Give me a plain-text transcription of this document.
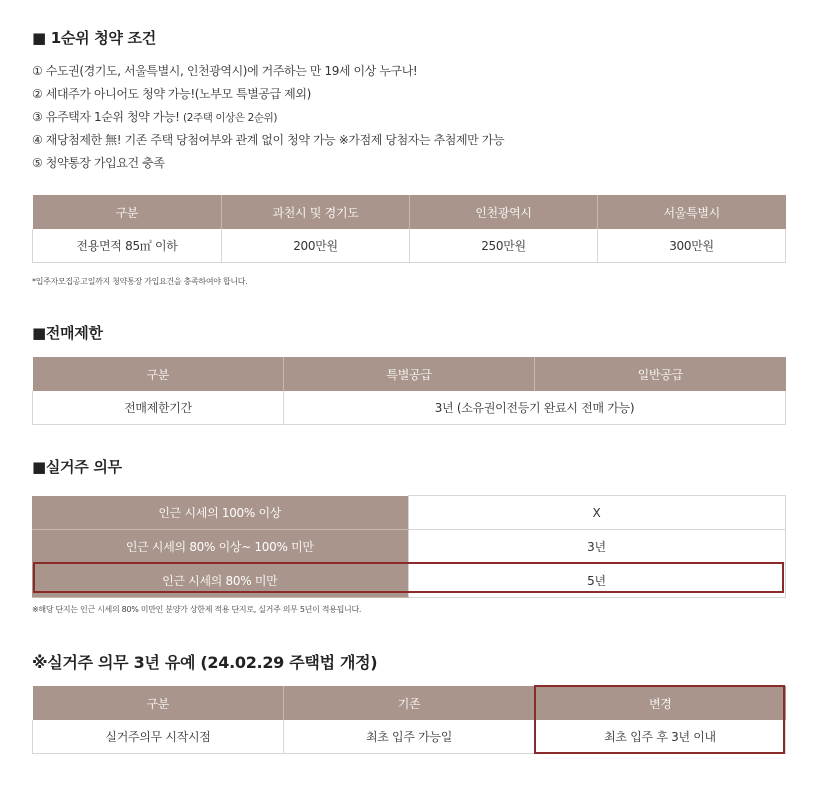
■ 1순위 청약 조건
① 수도권(경기도, 서울특별시, 인천광역시)에 거주하는 만 19세 이상 누구나!
② 세대주가 아니어도 청약 가능!(노부모 특별공급 제외)
③ 유주택자 1순위 청약 가능! (2주택 이상은 2순위)
④ 재당첨제한 無! 기존 주택 당첨여부와 관계 없이 청약 가능 ※가점제 당첨자는 추첨제만 가능
⑤ 청약통장 가입요건 충족
구분	과천시 및 경기도	인천광역시	서울특별시
전용면적 85㎡ 이하	200만원	250만원	300만원
*입주자모집공고일까지 청약통장 가입요건을 충족하여야 합니다.
■전매제한
구분	특별공급	일반공급
전매제한기간	3년 (소유권이전등기 완료시 전매 가능)	
■실거주 의무
인근 시세의 100% 이상	X
인근 시세의 80% 이상~ 100% 미만	3년
인근 시세의 80% 미만	5년
※해당 단지는 인근 시세의 80% 미만인 분양가 상한제 적용 단지로, 실거주 의무 5년이 적용됩니다.
※실거주 의무 3년 유예 (24.02.29 주택법 개정)
구분	기존	변경
실거주의무 시작시점	최초 입주 가능일	최초 입주 후 3년 이내
